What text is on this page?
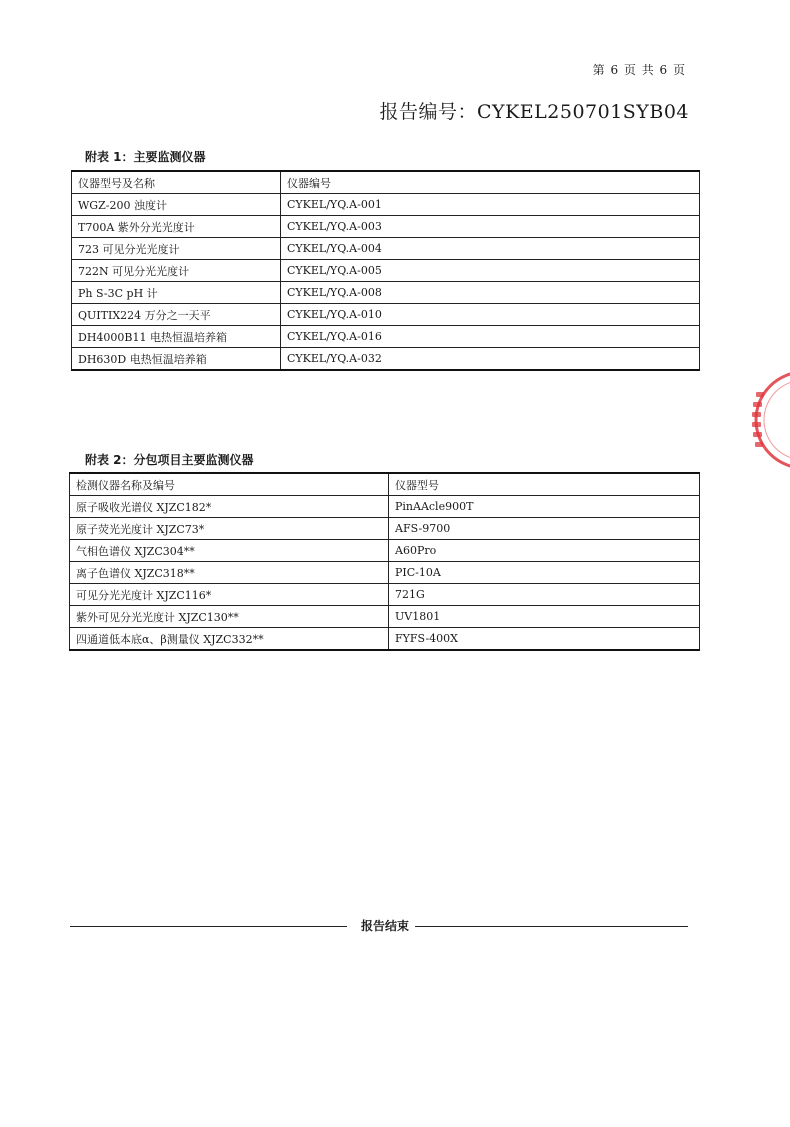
第 6 页 共 6 页
报告编号：CYKEL250701SYB04
附表 1：主要监测仪器
仪器型号及名称	仪器编号
WGZ-200 浊度计	CYKEL/YQ.A-001
T700A 紫外分光光度计	CYKEL/YQ.A-003
723 可见分光光度计	CYKEL/YQ.A-004
722N 可见分光光度计	CYKEL/YQ.A-005
Ph S-3C pH 计	CYKEL/YQ.A-008
QUITIX224 万分之一天平	CYKEL/YQ.A-010
DH4000B11 电热恒温培养箱	CYKEL/YQ.A-016
DH630D 电热恒温培养箱	CYKEL/YQ.A-032
附表 2：分包项目主要监测仪器
检测仪器名称及编号	仪器型号
原子吸收光谱仪 XJZC182*	PinAAcle900T
原子荧光光度计 XJZC73*	AFS-9700
气相色谱仪 XJZC304**	A60Pro
离子色谱仪 XJZC318**	PIC-10A
可见分光光度计 XJZC116*	721G
紫外可见分光光度计 XJZC130**	UV1801
四通道低本底α、β测量仪 XJZC332**	FYFS-400X
报告结束
